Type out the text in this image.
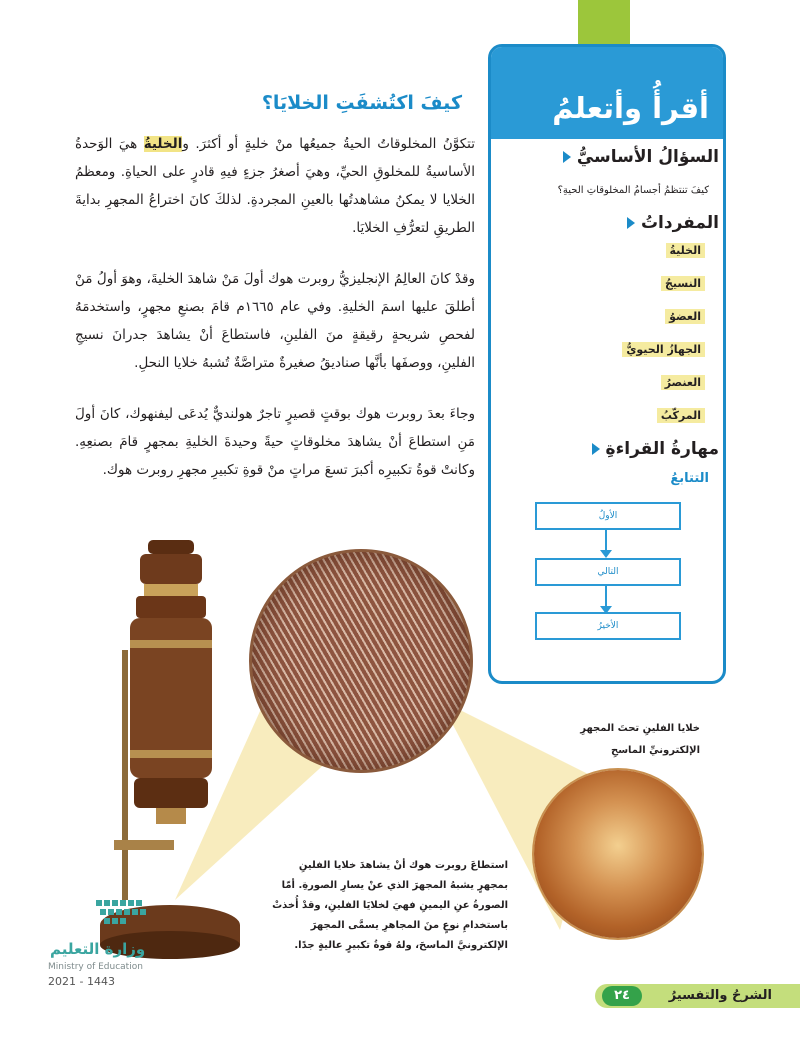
أقرأُ وأتعلمُ
السؤالُ الأساسيُّ
كيفَ تنتظمُ أجسامُ المخلوقاتِ الحيةِ؟
المفرداتُ
الخليةُ
النسيجُ
العضوُ
الجهازُ الحيويُّ
العنصرُ
المركّبُ
مهارةُ القراءةِ
التتابعُ
الأولُ
التالي
الأخيرُ
كيفَ اكتُشفَتِ الخلايَا؟
تتكوَّنُ المخلوقاتُ الحيةُ جميعُها منْ خليةٍ أو أكثرَ. والخليةُ هيَ الوَحدةُ الأساسيةُ للمخلوقِ الحيِّ، وهيَ أصغرُ جزءٍ فيهِ قادرٍ على الحياةِ. ومعظمُ الخلايا لا يمكنُ مشاهدتُها بالعينِ المجردةِ. لذلكَ كانَ اختراعُ المجهرِ بدايةَ الطريقِ لتعرُّفِ الخلايَا.
وقدْ كانَ العالِمُ الإنجليزيُّ روبرت هوك أولَ مَنْ شاهدَ الخليةَ، وهوَ أولُ مَنْ أطلقَ عليها اسمَ الخليةِ. وفي عام ١٦٦٥م قامَ بصنعِ مجهرٍ، واستخدمَهُ لفحصِ شريحةٍ رقيقةٍ منَ الفلينِ، فاستطاعَ أنْ يشاهدَ جدرانَ نسيجِ الفلينِ، ووصفَها بأنَّها صناديقُ صغيرةٌ متراصَّةٌ تُشبهُ خلايا النحلِ.
وجاءَ بعدَ روبرت هوك بوقتٍ قصيرٍ تاجرٌ هولنديٌّ يُدعَى ليفنهوك، كانَ أولَ مَنِ استطاعَ أنْ يشاهدَ مخلوقاتٍ حيةً وحيدةَ الخليةِ بمجهرٍ قامَ بصنعِهِ. وكانتْ قوةُ تكبيرِه أكبرَ تسعَ مراتٍ منْ قوةِ تكبيرِ مجهرِ روبرت هوك.
خلايا الفلينِ تحتَ المجهرِ
الإلكترونيِّ الماسحِ
استطاعَ روبرت هوك أنْ يشاهدَ خلايا الفلينِ بمجهرٍ يشبهُ المجهرَ الذي عنْ يسارِ الصورةِ. أمّا الصورةُ عنِ اليمينِ فهيَ لخلايَا الفلينِ، وقدْ أُخذتْ باستخدامِ نوعٍ منَ المجاهرِ يسمَّى المجهرَ الإلكترونيَّ الماسحَ، ولهُ قوةُ تكبيرٍ عاليةٍ جدًا.
وزارة التعليم
Ministry of Education
2021 - 1443
٢٤	الشرحُ والتفسيرُ
